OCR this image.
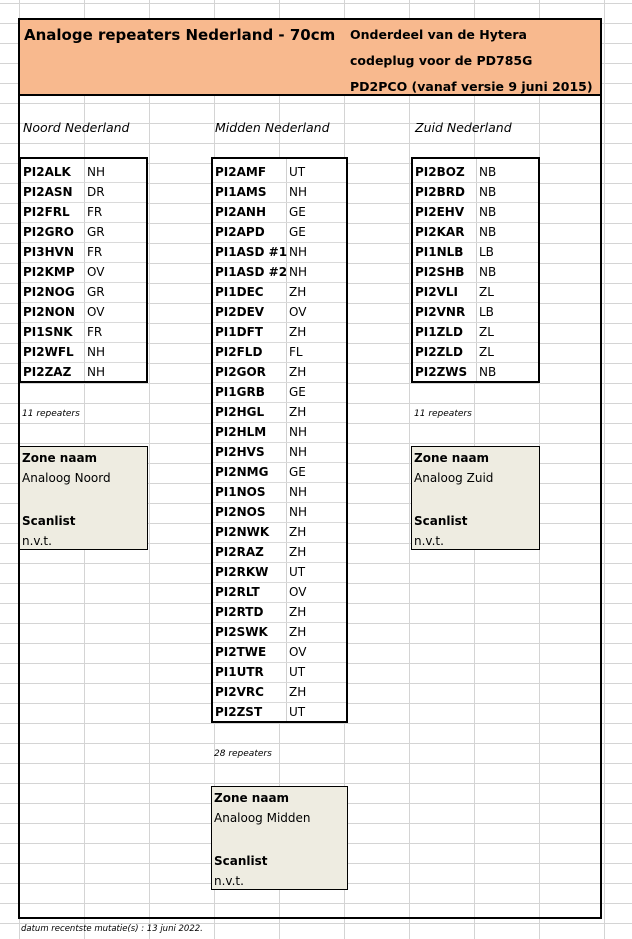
Analoge repeaters Nederland - 70cm Onderdeel van de Hytera
codeplug voor de PD785G
PD2PCO (vanaf versie 9 juni 2015)
Noord Nederland
PI2ALK NH
PI2ASN DR
PI2FRL FR
PI2GRO GR
PI3HVN FR
PI2KMP OV
PI2NOG GR
PI2NON OV
PI1SNK FR
PI2WFL NH
PI2ZAZ NH
11 repeaters
Zone naam
Analoog Noord
Scanlist
n.v.t.
Midden Nederland
PI2AMF UT
PI1AMS NH
PI2ANH GE
PI2APD GE
PI1ASD #1 NH
PI1ASD #2 NH
PI1DEC ZH
PI2DEV OV
PI1DFT ZH
PI2FLD FL
PI2GOR ZH
PI1GRB GE
PI2HGL ZH
PI2HLM NH
PI2HVS NH
PI2NMG GE
PI1NOS NH
PI2NOS NH
PI2NWK ZH
PI2RAZ ZH
PI2RKW UT
PI2RLT OV
PI2RTD ZH
PI2SWK ZH
PI2TWE OV
PI1UTR UT
PI2VRC ZH
PI2ZST UT
28 repeaters
Zone naam
Analoog Midden
Scanlist
n.v.t.
Zuid Nederland
PI2BOZ NB
PI2BRD NB
PI2EHV NB
PI2KAR NB
PI1NLB LB
PI2SHB NB
PI2VLI ZL
PI2VNR LB
PI1ZLD ZL
PI2ZLD ZL
PI2ZWS NB
11 repeaters
Zone naam
Analoog Zuid
Scanlist
n.v.t.
datum recentste mutatie(s) : 13 juni 2022.
